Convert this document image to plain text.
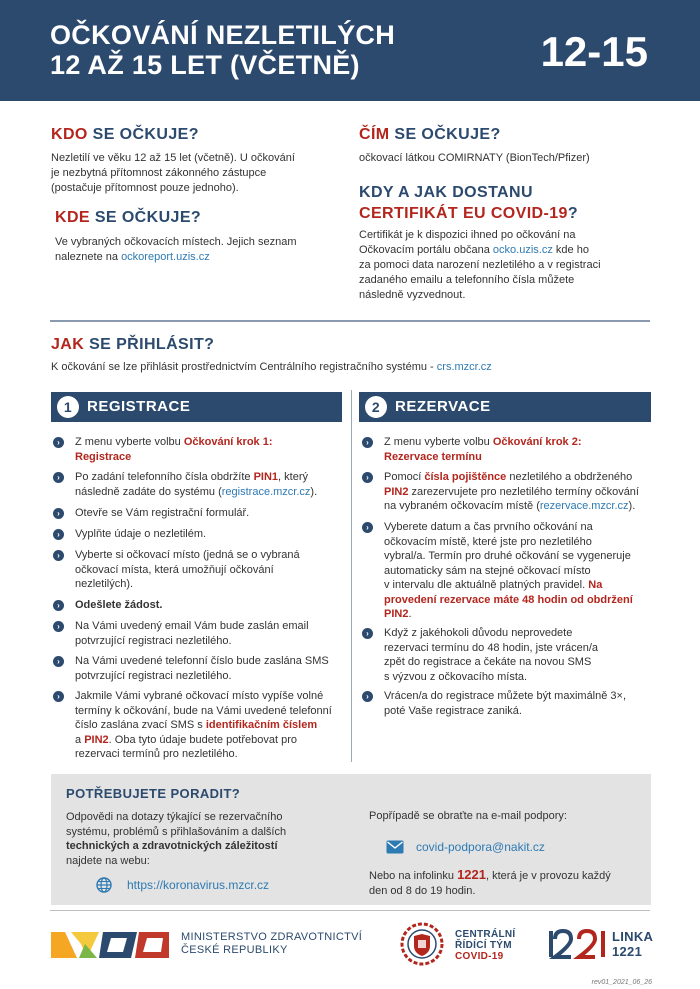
OČKOVÁNÍ NEZLETILÝCH
12 AŽ 15 LET (VČETNĚ)	12-15
KDO SE OČKUJE?
Nezletilí ve věku 12 až 15 let (včetně). U očkování
je nezbytná přítomnost zákonného zástupce
(postačuje přítomnost pouze jednoho).
KDE SE OČKUJE?
Ve vybraných očkovacích místech. Jejich seznam
naleznete na ockoreport.uzis.cz
ČÍM SE OČKUJE?
očkovací látkou COMIRNATY (BionTech/Pfizer)
KDY A JAK DOSTANU
CERTIFIKÁT EU COVID-19?
Certifikát je k dispozici ihned po očkování na
Očkovacím portálu občana ocko.uzis.cz kde ho
za pomoci data narození nezletilého a v registraci
zadaného emailu a telefonního čísla můžete
následně vyzvednout.
JAK SE PŘIHLÁSIT?
K očkování se lze přihlásit prostřednictvím Centrálního registračního systému - crs.mzcr.cz
1 REGISTRACE	2 REZERVACE
›	Z menu vyberte volbu Očkování krok 1:
Registrace
›	Po zadání telefonního čísla obdržíte PIN1, který
následně zadáte do systému (registrace.mzcr.cz).
›	Otevře se Vám registrační formulář.
›	Vyplňte údaje o nezletilém.
›	Vyberte si očkovací místo (jedná se o vybraná
očkovací místa, která umožňují očkování
nezletilých).
›	Odešlete žádost.
›	Na Vámi uvedený email Vám bude zaslán email
potvrzující registraci nezletilého.
›	Na Vámi uvedené telefonní číslo bude zaslána SMS
potvrzující registraci nezletilého.
›	Jakmile Vámi vybrané očkovací místo vypíše volné
termíny k očkování, bude na Vámi uvedené telefonní
číslo zaslána zvací SMS s identifikačním číslem
a PIN2. Oba tyto údaje budete potřebovat pro
rezervaci termínů pro nezletilého.
›	Z menu vyberte volbu Očkování krok 2:
Rezervace termínu
›	Pomocí čísla pojištěnce nezletilého a obdrženého
PIN2 zarezervujete pro nezletilého termíny očkování
na vybraném očkovacím místě (rezervace.mzcr.cz).
›	Vyberete datum a čas prvního očkování na
očkovacím místě, které jste pro nezletilého
vybral/a. Termín pro druhé očkování se vygeneruje
automaticky sám na stejné očkovací místo
v intervalu dle aktuálně platných pravidel. Na
provedení rezervace máte 48 hodin od obdržení
PIN2.
›	Když z jakéhokoli důvodu neprovedete
rezervaci termínu do 48 hodin, jste vrácen/a
zpět do registrace a čekáte na novou SMS
s výzvou z očkovacího místa.
›	Vrácen/a do registrace můžete být maximálně 3×,
poté Vaše registrace zaniká.
POTŘEBUJETE PORADIT?
Odpovědi na dotazy týkající se rezervačního
systému, problémů s přihlašováním a dalších
technických a zdravotnických záležitostí
najdete na webu:
https://koronavirus.mzcr.cz
Popřípadě se obraťte na e-mail podpory:
covid-podpora@nakit.cz
Nebo na infolinku 1221, která je v provozu každý
den od 8 do 19 hodin.
MINISTERSTVO ZDRAVOTNICTVÍ
ČESKÉ REPUBLIKY
CENTRÁLNÍ
ŘÍDÍCÍ TÝM
COVID-19
LINKA
1221
rev01_2021_06_26
